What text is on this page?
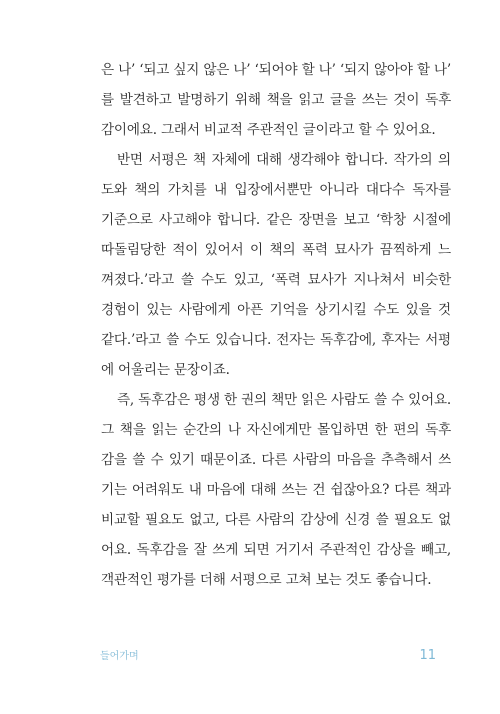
은 나’ ‘되고 싶지 않은 나’ ‘되어야 할 나’ ‘되지 않아야 할 나’
를 발견하고 발명하기 위해 책을 읽고 글을 쓰는 것이 독후
감이에요. 그래서 비교적 주관적인 글이라고 할 수 있어요.
반면 서평은 책 자체에 대해 생각해야 합니다. 작가의 의
도와 책의 가치를 내 입장에서뿐만 아니라 대다수 독자를
기준으로 사고해야 합니다. 같은 장면을 보고 ‘학창 시절에
따돌림당한 적이 있어서 이 책의 폭력 묘사가 끔찍하게 느
껴졌다.’라고 쓸 수도 있고, ‘폭력 묘사가 지나쳐서 비슷한
경험이 있는 사람에게 아픈 기억을 상기시킬 수도 있을 것
같다.’라고 쓸 수도 있습니다. 전자는 독후감에, 후자는 서평
에 어울리는 문장이죠.
즉, 독후감은 평생 한 권의 책만 읽은 사람도 쓸 수 있어요.
그 책을 읽는 순간의 나 자신에게만 몰입하면 한 편의 독후
감을 쓸 수 있기 때문이죠. 다른 사람의 마음을 추측해서 쓰
기는 어려워도 내 마음에 대해 쓰는 건 쉽잖아요? 다른 책과
비교할 필요도 없고, 다른 사람의 감상에 신경 쓸 필요도 없
어요. 독후감을 잘 쓰게 되면 거기서 주관적인 감상을 빼고,
객관적인 평가를 더해 서평으로 고쳐 보는 것도 좋습니다.
들어가며	11
